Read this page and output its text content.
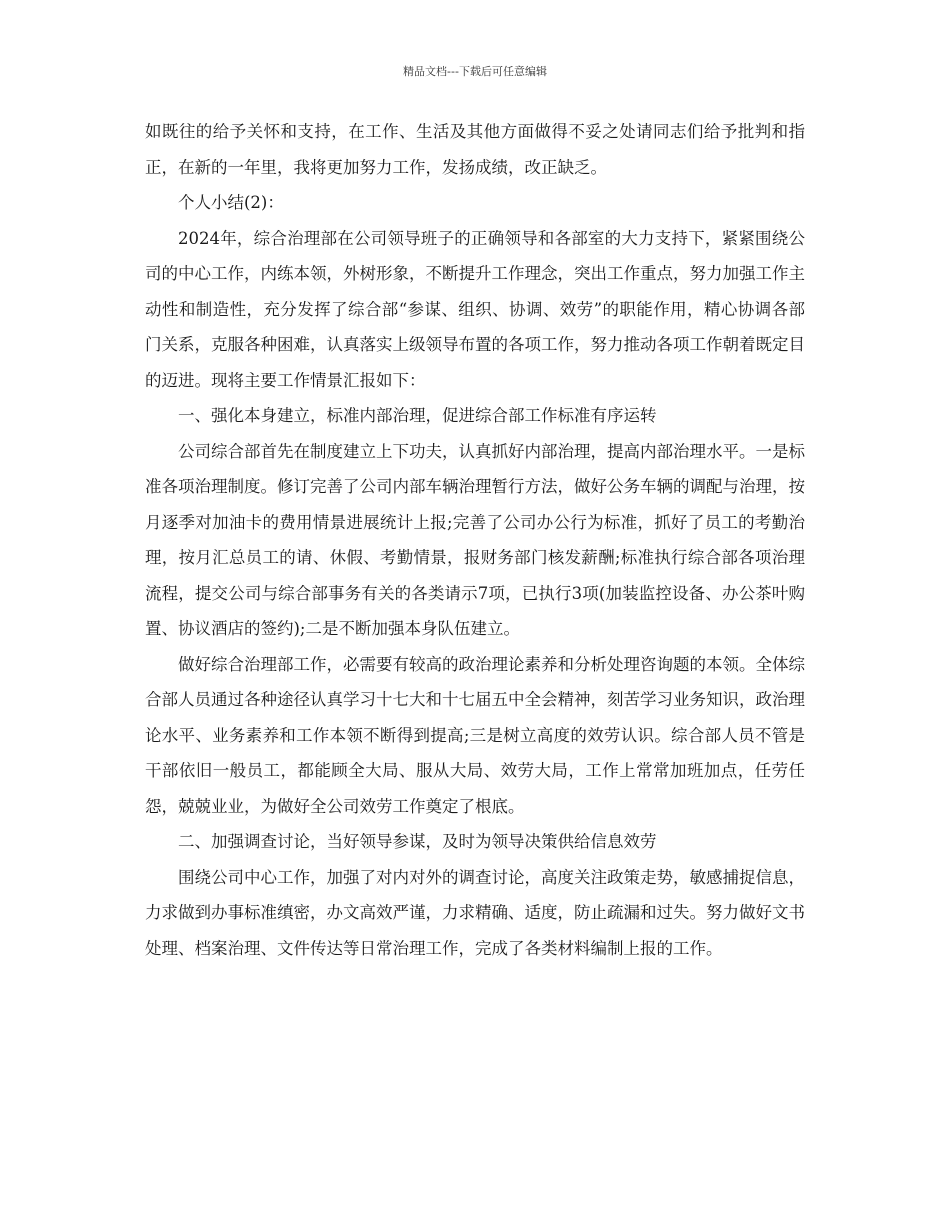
精品文档---下载后可任意编辑

如既往的给予关怀和支持，在工作、生活及其他方面做得不妥之处请同志们给予批判和指正，在新的一年里，我将更加努力工作，发扬成绩，改正缺乏。

个人小结(2)：

2024年，综合治理部在公司领导班子的正确领导和各部室的大力支持下，紧紧围绕公司的中心工作，内练本领，外树形象，不断提升工作理念，突出工作重点，努力加强工作主动性和制造性，充分发挥了综合部“参谋、组织、协调、效劳”的职能作用，精心协调各部门关系，克服各种困难，认真落实上级领导布置的各项工作，努力推动各项工作朝着既定目的迈进。现将主要工作情景汇报如下：

一、强化本身建立，标准内部治理，促进综合部工作标准有序运转

公司综合部首先在制度建立上下功夫，认真抓好内部治理，提高内部治理水平。一是标准各项治理制度。修订完善了公司内部车辆治理暂行方法，做好公务车辆的调配与治理，按月逐季对加油卡的费用情景进展统计上报;完善了公司办公行为标准，抓好了员工的考勤治理，按月汇总员工的请、休假、考勤情景，报财务部门核发薪酬;标准执行综合部各项治理流程，提交公司与综合部事务有关的各类请示7项，已执行3项(加装监控设备、办公茶叶购置、协议酒店的签约);二是不断加强本身队伍建立。

做好综合治理部工作，必需要有较高的政治理论素养和分析处理咨询题的本领。全体综合部人员通过各种途径认真学习十七大和十七届五中全会精神，刻苦学习业务知识，政治理论水平、业务素养和工作本领不断得到提高;三是树立高度的效劳认识。综合部人员不管是干部依旧一般员工，都能顾全大局、服从大局、效劳大局，工作上常常加班加点，任劳任怨，兢兢业业，为做好全公司效劳工作奠定了根底。

二、加强调查讨论，当好领导参谋，及时为领导决策供给信息效劳

围绕公司中心工作，加强了对内对外的调查讨论，高度关注政策走势，敏感捕捉信息，力求做到办事标准缜密，办文高效严谨，力求精确、适度，防止疏漏和过失。努力做好文书处理、档案治理、文件传达等日常治理工作，完成了各类材料编制上报的工作。
